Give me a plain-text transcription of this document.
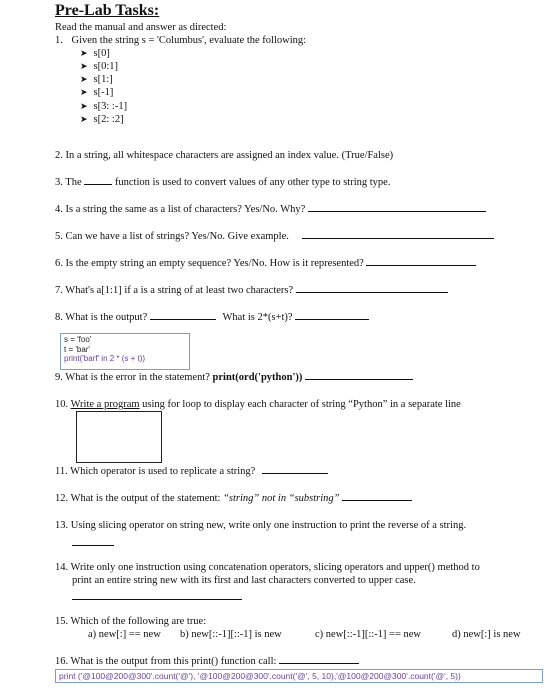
Pre-Lab Tasks:
Read the manual and answer as directed:
1. Given the string s = 'Columbus', evaluate the following:
➤ s[0]
➤ s[0:1]
➤ s[1:]
➤ s[-1]
➤ s[3: :-1]
➤ s[2: :2]
2. In a string, all whitespace characters are assigned an index value. (True/False)
3. The	function is used to convert values of any other type to string type.
4. Is a string the same as a list of characters? Yes/No. Why?
5. Can we have a list of strings? Yes/No. Give example.
6. Is the empty string an empty sequence? Yes/No. How is it represented?
7. What's a[1:1] if a is a string of at least two characters?
8. What is the output?	What is 2*(s+t)?
s = 'foo'
t = 'bar'
print('barf' in 2 * (s + t))
9. What is the error in the statement? print(ord('python'))
10. Write a program using for loop to display each character of string “Python” in a separate line
11. Which operator is used to replicate a string?
12. What is the output of the statement: “string” not in “substring”
13. Using slicing operator on string new, write only one instruction to print the reverse of a string.
14. Write only one instruction using concatenation operators, slicing operators and upper() method to
print an entire string new with its first and last characters converted to upper case.
15. Which of the following are true:
a) new[:] == new b) new[::-1][::-1] is new	c) new[::-1][::-1] == new	d) new[:] is new
16. What is the output from this print() function call:
print ('@100@200@300'.count('@'), '@100@200@300'.count('@', 5, 10),'@100@200@300'.count('@', 5))
